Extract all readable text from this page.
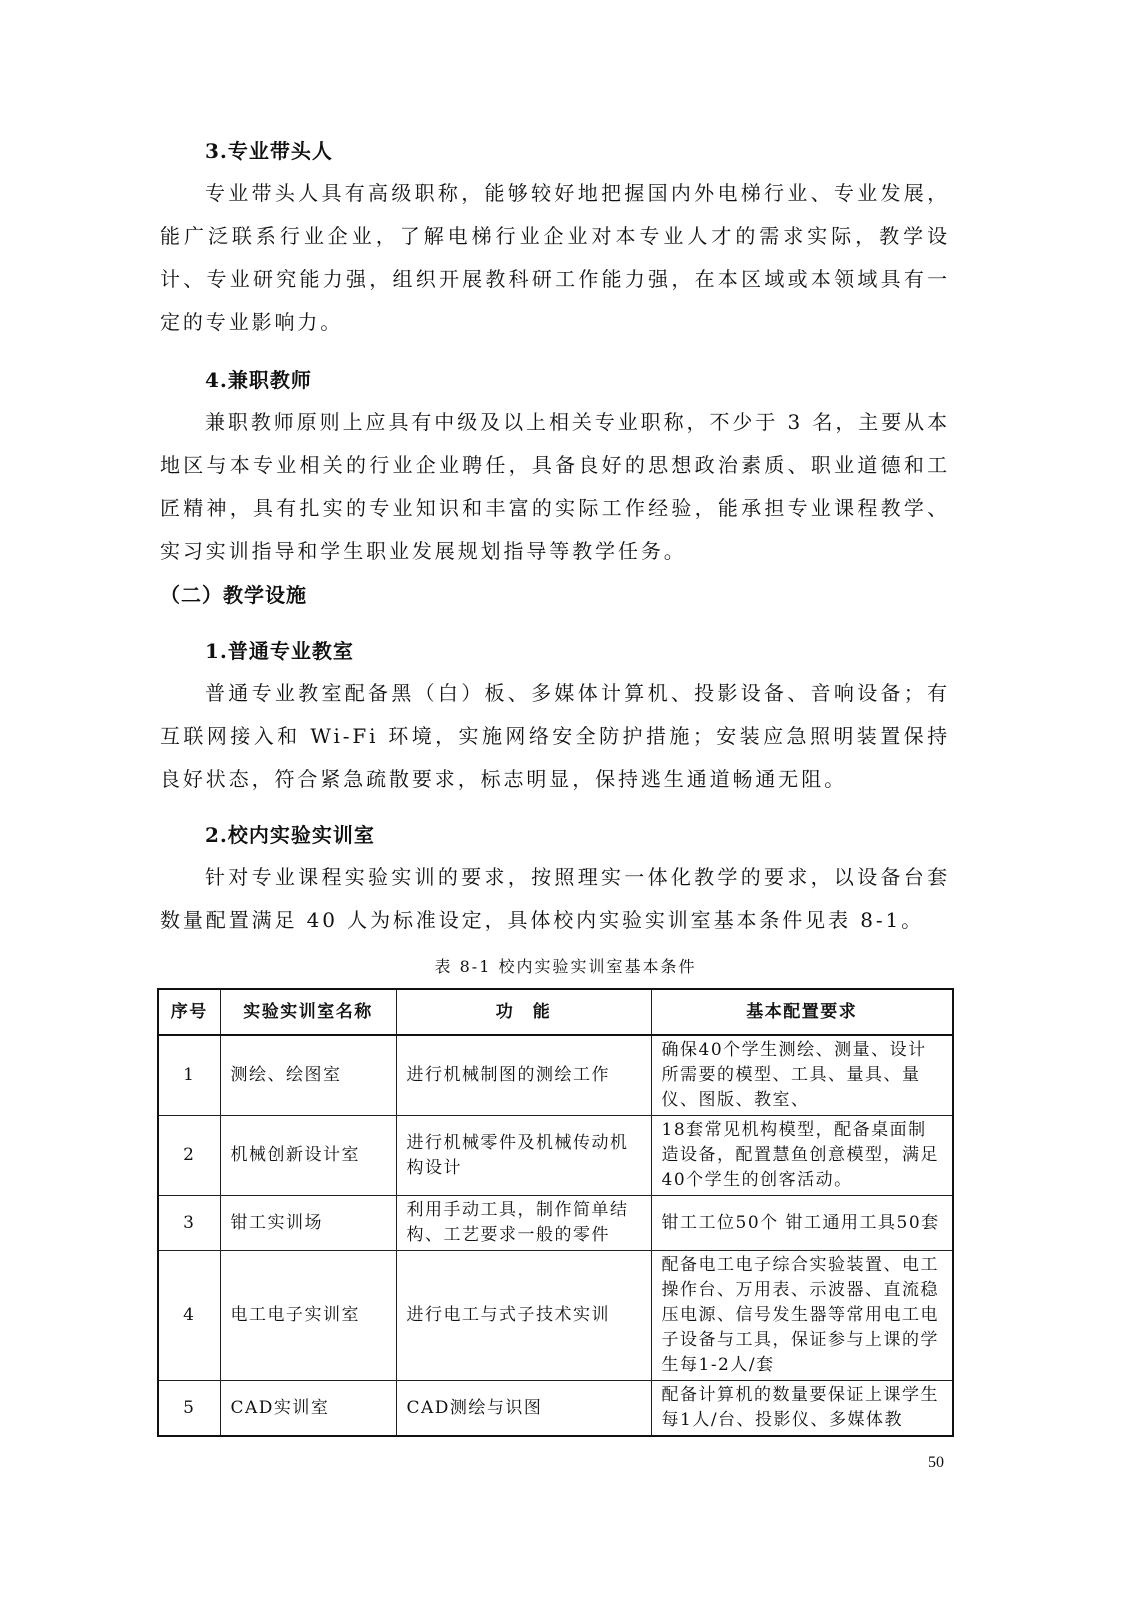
3.专业带头人

专业带头人具有高级职称，能够较好地把握国内外电梯行业、专业发展，能广泛联系行业企业，了解电梯行业企业对本专业人才的需求实际，教学设计、专业研究能力强，组织开展教科研工作能力强，在本区域或本领域具有一定的专业影响力。

4.兼职教师

兼职教师原则上应具有中级及以上相关专业职称，不少于 3 名，主要从本地区与本专业相关的行业企业聘任，具备良好的思想政治素质、职业道德和工匠精神，具有扎实的专业知识和丰富的实际工作经验，能承担专业课程教学、实习实训指导和学生职业发展规划指导等教学任务。

（二）教学设施
1.普通专业教室

普通专业教室配备黑（白）板、多媒体计算机、投影设备、音响设备；有互联网接入和 Wi-Fi 环境，实施网络安全防护措施；安装应急照明装置保持良好状态，符合紧急疏散要求，标志明显，保持逃生通道畅通无阻。

2.校内实验实训室

针对专业课程实验实训的要求，按照理实一体化教学的要求，以设备台套数量配置满足 40 人为标准设定，具体校内实验实训室基本条件见表 8-1。

表 8-1 校内实验实训室基本条件

序号	实验实训室名称	功　能	基本配置要求
1	测绘、绘图室	进行机械制图的测绘工作	确保40个学生测绘、测量、设计所需要的模型、工具、量具、量仪、图版、教室、
2	机械创新设计室	进行机械零件及机械传动机构设计	18套常见机构模型，配备桌面制造设备，配置慧鱼创意模型，满足40个学生的创客活动。
3	钳工实训场	利用手动工具，制作简单结构、工艺要求一般的零件	钳工工位50个 钳工通用工具50套
4	电工电子实训室	进行电工与式子技术实训	配备电工电子综合实验装置、电工操作台、万用表、示波器、直流稳压电源、信号发生器等常用电工电子设备与工具，保证参与上课的学生每1-2人/套
5	CAD实训室	CAD测绘与识图	配备计算机的数量要保证上课学生每1人/台、投影仪、多媒体教

50
